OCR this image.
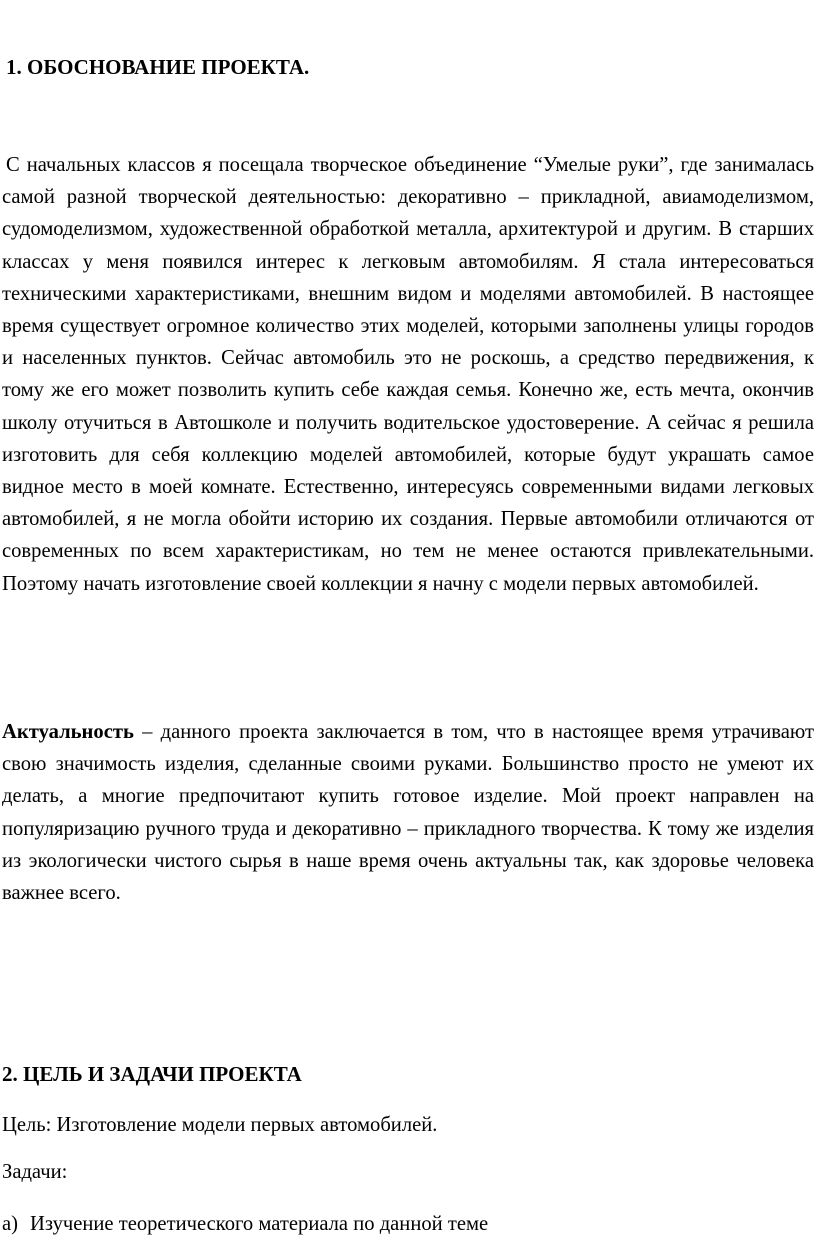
1. ОБОСНОВАНИЕ ПРОЕКТА.

С начальных классов я посещала творческое объединение “Умелые руки”, где занималась самой разной творческой деятельностью: декоративно – прикладной, авиамоделизмом, судомоделизмом, художественной обработкой металла, архитектурой и другим. В старших классах у меня появился интерес к легковым автомобилям. Я стала интересоваться техническими характеристиками, внешним видом и моделями автомобилей. В настоящее время существует огромное количество этих моделей, которыми заполнены улицы городов и населенных пунктов. Сейчас автомобиль это не роскошь, а средство передвижения, к тому же его может позволить купить себе каждая семья. Конечно же, есть мечта, окончив школу отучиться в Автошколе и получить водительское удостоверение. А сейчас я решила изготовить для себя коллекцию моделей автомобилей, которые будут украшать самое видное место в моей комнате. Естественно, интересуясь современными видами легковых автомобилей, я не могла обойти историю их создания. Первые автомобили отличаются от современных по всем характеристикам, но тем не менее остаются привлекательными. Поэтому начать изготовление своей коллекции я начну с модели первых автомобилей.

Актуальность – данного проекта заключается в том, что в настоящее время утрачивают свою значимость изделия, сделанные своими руками. Большинство просто не умеют их делать, а многие предпочитают купить готовое изделие. Мой проект направлен на популяризацию ручного труда и декоративно – прикладного творчества. К тому же изделия из экологически чистого сырья в наше время очень актуальны так, как здоровье человека важнее всего.

2. ЦЕЛЬ И ЗАДАЧИ ПРОЕКТА

Цель: Изготовление модели первых автомобилей.

Задачи:

а) Изучение теоретического материала по данной теме
